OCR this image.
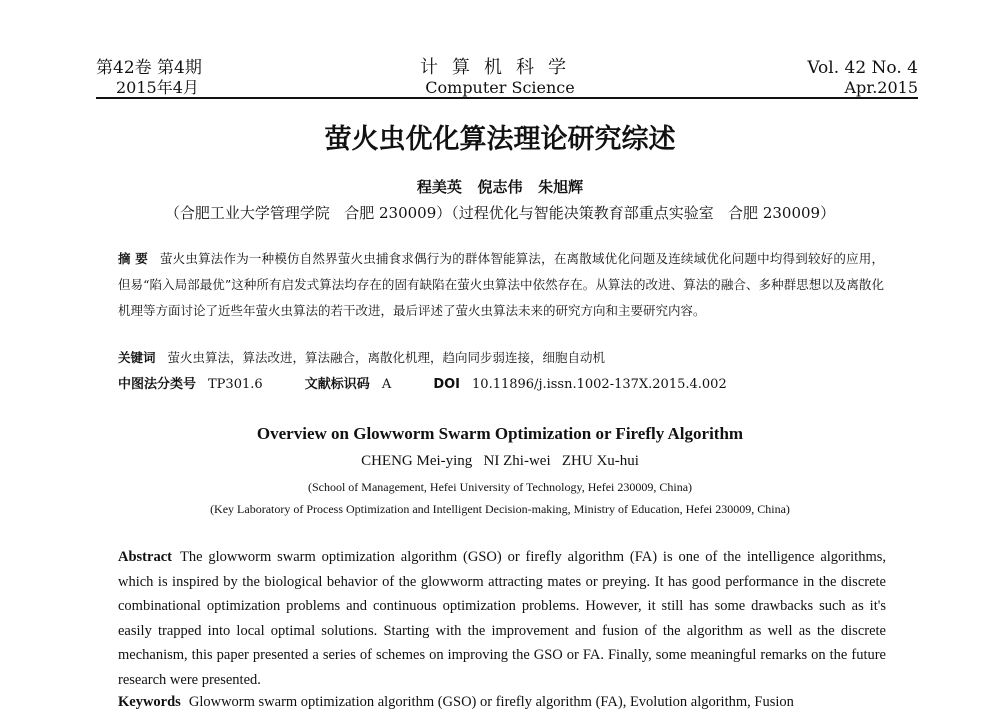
第42卷 第4期
2015年4月
计算机科学
Computer Science
Vol. 42 No. 4
Apr.2015
萤火虫优化算法理论研究综述
程美英   倪志伟   朱旭辉
（合肥工业大学管理学院   合肥 230009）（过程优化与智能决策教育部重点实验室   合肥 230009）
摘 要 萤火虫算法作为一种模仿自然界萤火虫捕食求偶行为的群体智能算法，在离散域优化问题及连续域优化问题中均得到较好的应用，但易“陷入局部最优”这种所有启发式算法均存在的固有缺陷在萤火虫算法中依然存在。从算法的改进、算法的融合、多种群思想以及离散化机理等方面讨论了近些年萤火虫算法的若干改进，最后评述了萤火虫算法未来的研究方向和主要研究内容。
关键词 萤火虫算法，算法改进，算法融合，离散化机理，趋向同步弱连接，细胞自动机
中图法分类号 TP301.6	文献标识码 A	DOI 10.11896/j.issn.1002-137X.2015.4.002
Overview on Glowworm Swarm Optimization or Firefly Algorithm
CHENG Mei-ying   NI Zhi-wei   ZHU Xu-hui
(School of Management, Hefei University of Technology, Hefei 230009, China)
(Key Laboratory of Process Optimization and Intelligent Decision-making, Ministry of Education, Hefei 230009, China)
Abstract The glowworm swarm optimization algorithm (GSO) or firefly algorithm (FA) is one of the intelligence algorithms, which is inspired by the biological behavior of the glowworm attracting mates or preying. It has good performance in the discrete combinational optimization problems and continuous optimization problems. However, it still has some drawbacks such as it's easily trapped into local optimal solutions. Starting with the improvement and fusion of the algorithm as well as the discrete mechanism, this paper presented a series of schemes on improving the GSO or FA. Finally, some meaningful remarks on the future research were presented.
Keywords Glowworm swarm optimization algorithm (GSO) or firefly algorithm (FA), Evolution algorithm, Fusion
